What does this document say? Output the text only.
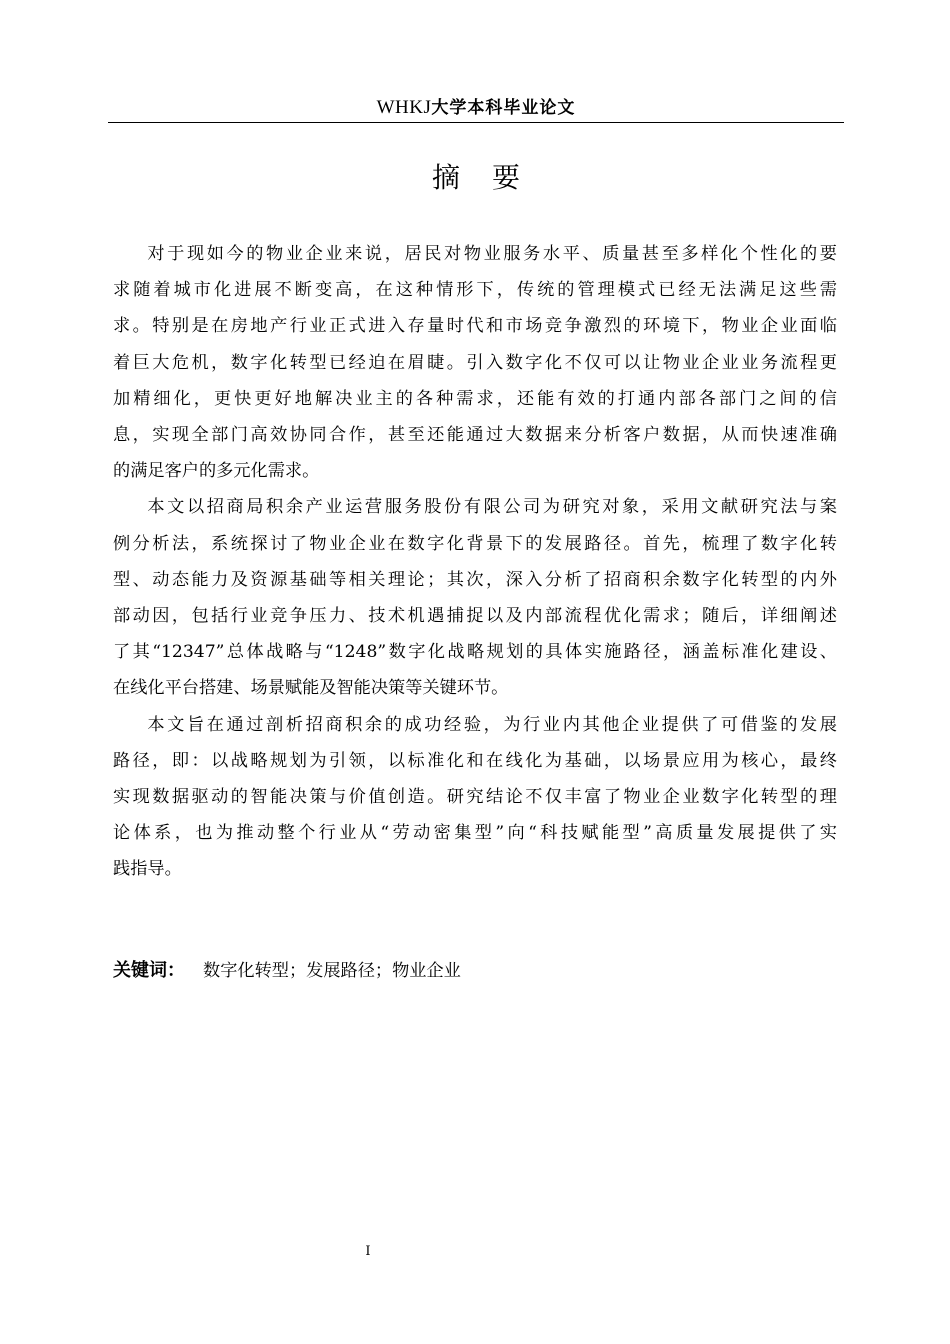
WHKJ大学本科毕业论文
摘要
对于现如今的物业企业来说，居民对物业服务水平、质量甚至多样化个性化的要
求随着城市化进展不断变高，在这种情形下，传统的管理模式已经无法满足这些需
求。特别是在房地产行业正式进入存量时代和市场竞争激烈的环境下，物业企业面临
着巨大危机，数字化转型已经迫在眉睫。引入数字化不仅可以让物业企业业务流程更
加精细化，更快更好地解决业主的各种需求，还能有效的打通内部各部门之间的信
息，实现全部门高效协同合作，甚至还能通过大数据来分析客户数据，从而快速准确
的满足客户的多元化需求。
本文以招商局积余产业运营服务股份有限公司为研究对象，采用文献研究法与案
例分析法，系统探讨了物业企业在数字化背景下的发展路径。首先，梳理了数字化转
型、动态能力及资源基础等相关理论；其次，深入分析了招商积余数字化转型的内外
部动因，包括行业竞争压力、技术机遇捕捉以及内部流程优化需求；随后，详细阐述
了其“12347”总体战略与“1248”数字化战略规划的具体实施路径，涵盖标准化建设、
在线化平台搭建、场景赋能及智能决策等关键环节。
本文旨在通过剖析招商积余的成功经验，为行业内其他企业提供了可借鉴的发展
路径，即：以战略规划为引领，以标准化和在线化为基础，以场景应用为核心，最终
实现数据驱动的智能决策与价值创造。研究结论不仅丰富了物业企业数字化转型的理
论体系，也为推动整个行业从“劳动密集型”向“科技赋能型”高质量发展提供了实
践指导。
关键词： 数字化转型；发展路径；物业企业
I
